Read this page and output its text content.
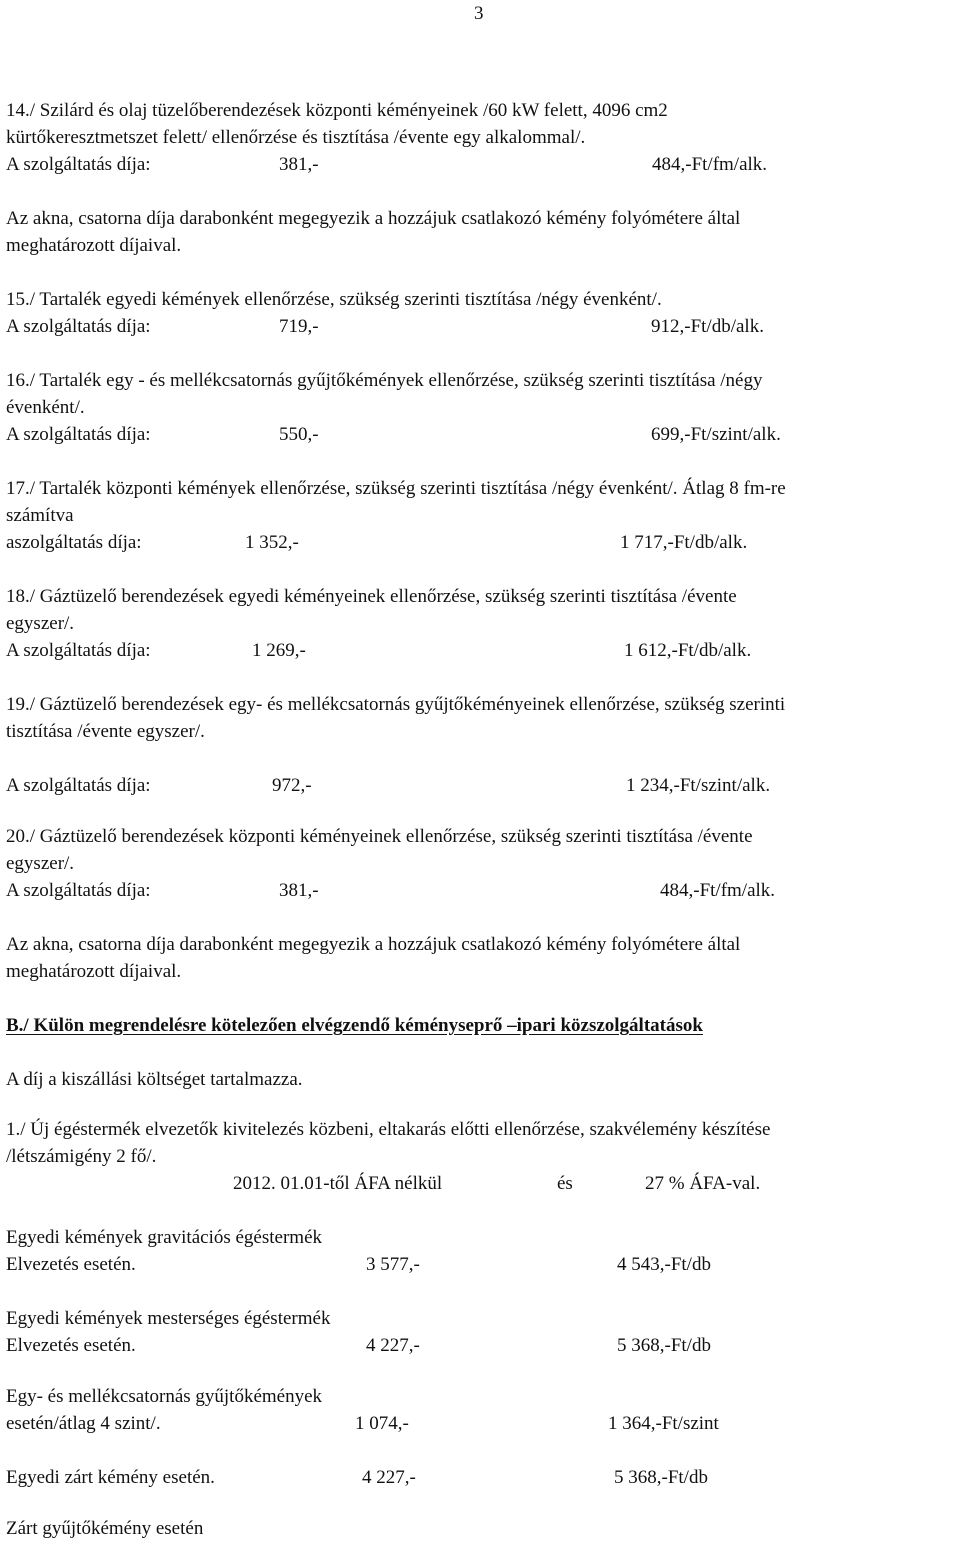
3
14./ Szilárd és olaj tüzelőberendezések központi kéményeinek /60 kW felett, 4096 cm2
kürtőkeresztmetszet felett/ ellenőrzése és tisztítása /évente egy alkalommal/.
A szolgáltatás díja:	381,-	484,-Ft/fm/alk.
Az akna, csatorna díja darabonként megegyezik a hozzájuk csatlakozó kémény folyómétere által
meghatározott díjaival.
15./ Tartalék egyedi kémények ellenőrzése, szükség szerinti tisztítása /négy évenként/.
A szolgáltatás díja:	719,-	912,-Ft/db/alk.
16./ Tartalék egy - és mellékcsatornás gyűjtőkémények ellenőrzése, szükség szerinti tisztítása /négy
évenként/.
A szolgáltatás díja:	550,-	699,-Ft/szint/alk.
17./ Tartalék központi kémények ellenőrzése, szükség szerinti tisztítása /négy évenként/. Átlag 8 fm-re
számítva
aszolgáltatás díja:	1 352,-	1 717,-Ft/db/alk.
18./ Gáztüzelő berendezések egyedi kéményeinek ellenőrzése, szükség szerinti tisztítása /évente
egyszer/.
A szolgáltatás díja:	1 269,-	1 612,-Ft/db/alk.
19./ Gáztüzelő berendezések egy- és mellékcsatornás gyűjtőkéményeinek ellenőrzése, szükség szerinti
tisztítása /évente egyszer/.
A szolgáltatás díja:	972,-	1 234,-Ft/szint/alk.
20./ Gáztüzelő berendezések központi kéményeinek ellenőrzése, szükség szerinti tisztítása /évente
egyszer/.
A szolgáltatás díja:	381,-	484,-Ft/fm/alk.
Az akna, csatorna díja darabonként megegyezik a hozzájuk csatlakozó kémény folyómétere által
meghatározott díjaival.
B./ Külön megrendelésre kötelezően elvégzendő kéményseprő –ipari közszolgáltatások
A díj a kiszállási költséget tartalmazza.
1./ Új égéstermék elvezetők kivitelezés közbeni, eltakarás előtti ellenőrzése, szakvélemény készítése
/létszámigény 2 fő/.
2012. 01.01-től ÁFA nélkül	és	27 % ÁFA-val.
Egyedi kémények gravitációs égéstermék
Elvezetés esetén.	3 577,-	4 543,-Ft/db
Egyedi kémények mesterséges égéstermék
Elvezetés esetén.	4 227,-	5 368,-Ft/db
Egy- és mellékcsatornás gyűjtőkémények
esetén/átlag 4 szint/.	1 074,-	1 364,-Ft/szint
Egyedi zárt kémény esetén.	4 227,-	5 368,-Ft/db
Zárt gyűjtőkémény esetén
